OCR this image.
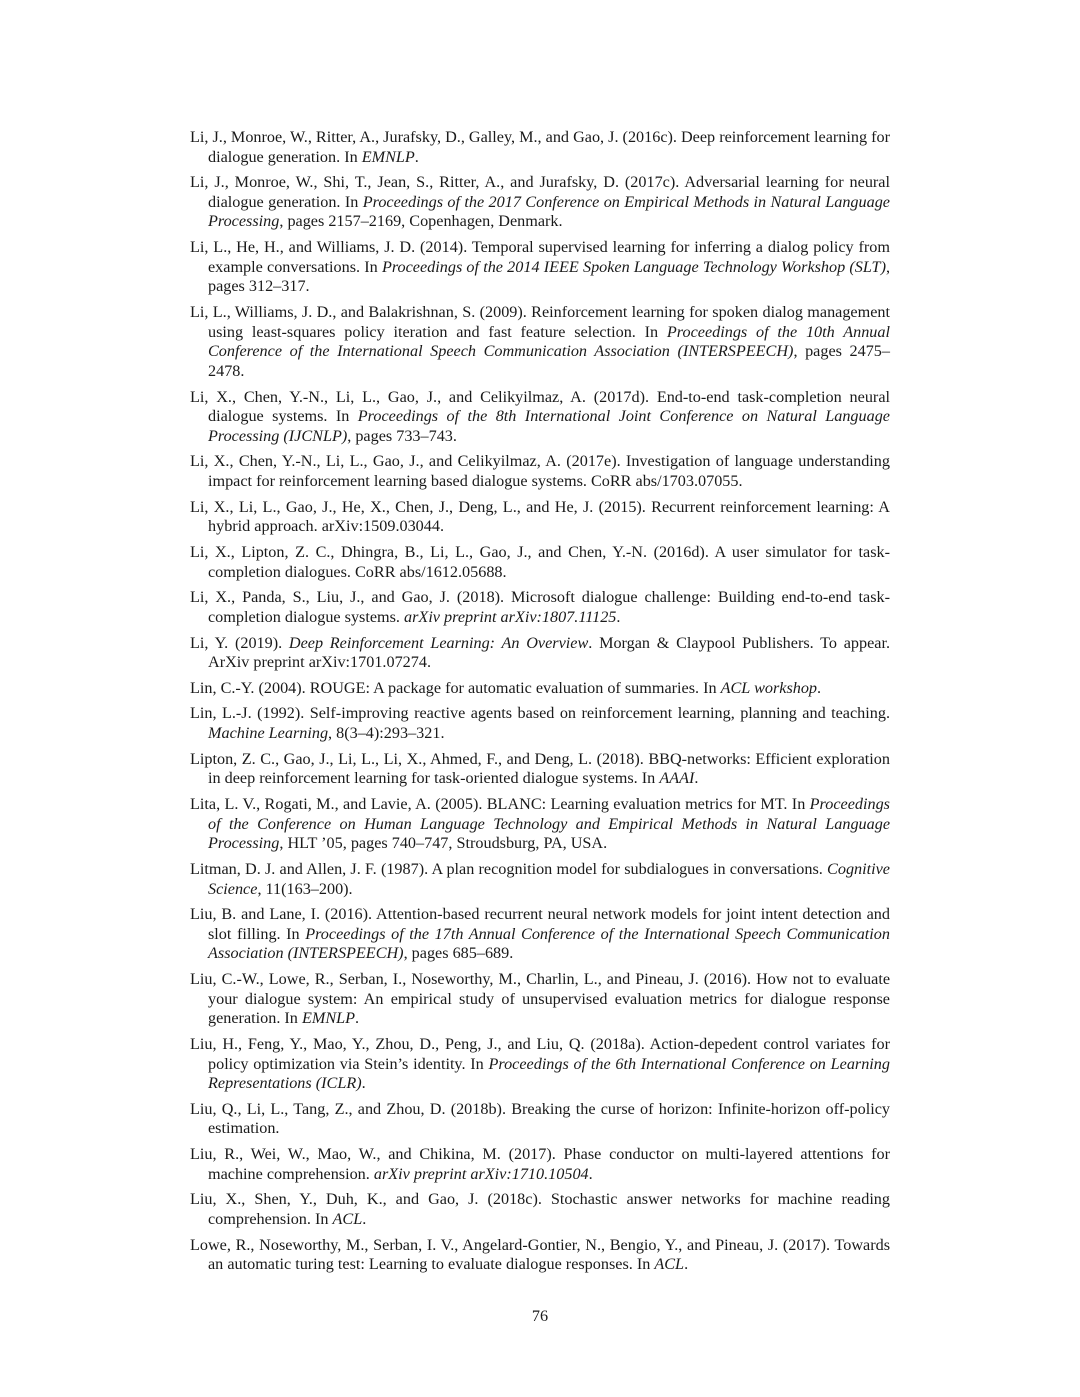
Li, J., Monroe, W., Ritter, A., Jurafsky, D., Galley, M., and Gao, J. (2016c). Deep reinforcement learning for dialogue generation. In EMNLP.
Li, J., Monroe, W., Shi, T., Jean, S., Ritter, A., and Jurafsky, D. (2017c). Adversarial learning for neural dialogue generation. In Proceedings of the 2017 Conference on Empirical Methods in Natural Language Processing, pages 2157–2169, Copenhagen, Denmark.
Li, L., He, H., and Williams, J. D. (2014). Temporal supervised learning for inferring a dialog policy from example conversations. In Proceedings of the 2014 IEEE Spoken Language Technology Workshop (SLT), pages 312–317.
Li, L., Williams, J. D., and Balakrishnan, S. (2009). Reinforcement learning for spoken dialog management using least-squares policy iteration and fast feature selection. In Proceedings of the 10th Annual Conference of the International Speech Communication Association (INTERSPEECH), pages 2475–2478.
Li, X., Chen, Y.-N., Li, L., Gao, J., and Celikyilmaz, A. (2017d). End-to-end task-completion neural dialogue systems. In Proceedings of the 8th International Joint Conference on Natural Language Processing (IJCNLP), pages 733–743.
Li, X., Chen, Y.-N., Li, L., Gao, J., and Celikyilmaz, A. (2017e). Investigation of language understanding impact for reinforcement learning based dialogue systems. CoRR abs/1703.07055.
Li, X., Li, L., Gao, J., He, X., Chen, J., Deng, L., and He, J. (2015). Recurrent reinforcement learning: A hybrid approach. arXiv:1509.03044.
Li, X., Lipton, Z. C., Dhingra, B., Li, L., Gao, J., and Chen, Y.-N. (2016d). A user simulator for task-completion dialogues. CoRR abs/1612.05688.
Li, X., Panda, S., Liu, J., and Gao, J. (2018). Microsoft dialogue challenge: Building end-to-end task-completion dialogue systems. arXiv preprint arXiv:1807.11125.
Li, Y. (2019). Deep Reinforcement Learning: An Overview. Morgan & Claypool Publishers. To appear. ArXiv preprint arXiv:1701.07274.
Lin, C.-Y. (2004). ROUGE: A package for automatic evaluation of summaries. In ACL workshop.
Lin, L.-J. (1992). Self-improving reactive agents based on reinforcement learning, planning and teaching. Machine Learning, 8(3–4):293–321.
Lipton, Z. C., Gao, J., Li, L., Li, X., Ahmed, F., and Deng, L. (2018). BBQ-networks: Efficient exploration in deep reinforcement learning for task-oriented dialogue systems. In AAAI.
Lita, L. V., Rogati, M., and Lavie, A. (2005). BLANC: Learning evaluation metrics for MT. In Proceedings of the Conference on Human Language Technology and Empirical Methods in Natural Language Processing, HLT ’05, pages 740–747, Stroudsburg, PA, USA.
Litman, D. J. and Allen, J. F. (1987). A plan recognition model for subdialogues in conversations. Cognitive Science, 11(163–200).
Liu, B. and Lane, I. (2016). Attention-based recurrent neural network models for joint intent detection and slot filling. In Proceedings of the 17th Annual Conference of the International Speech Communication Association (INTERSPEECH), pages 685–689.
Liu, C.-W., Lowe, R., Serban, I., Noseworthy, M., Charlin, L., and Pineau, J. (2016). How not to evaluate your dialogue system: An empirical study of unsupervised evaluation metrics for dialogue response generation. In EMNLP.
Liu, H., Feng, Y., Mao, Y., Zhou, D., Peng, J., and Liu, Q. (2018a). Action-depedent control variates for policy optimization via Stein’s identity. In Proceedings of the 6th International Conference on Learning Representations (ICLR).
Liu, Q., Li, L., Tang, Z., and Zhou, D. (2018b). Breaking the curse of horizon: Infinite-horizon off-policy estimation.
Liu, R., Wei, W., Mao, W., and Chikina, M. (2017). Phase conductor on multi-layered attentions for machine comprehension. arXiv preprint arXiv:1710.10504.
Liu, X., Shen, Y., Duh, K., and Gao, J. (2018c). Stochastic answer networks for machine reading comprehension. In ACL.
Lowe, R., Noseworthy, M., Serban, I. V., Angelard-Gontier, N., Bengio, Y., and Pineau, J. (2017). Towards an automatic turing test: Learning to evaluate dialogue responses. In ACL.
76
